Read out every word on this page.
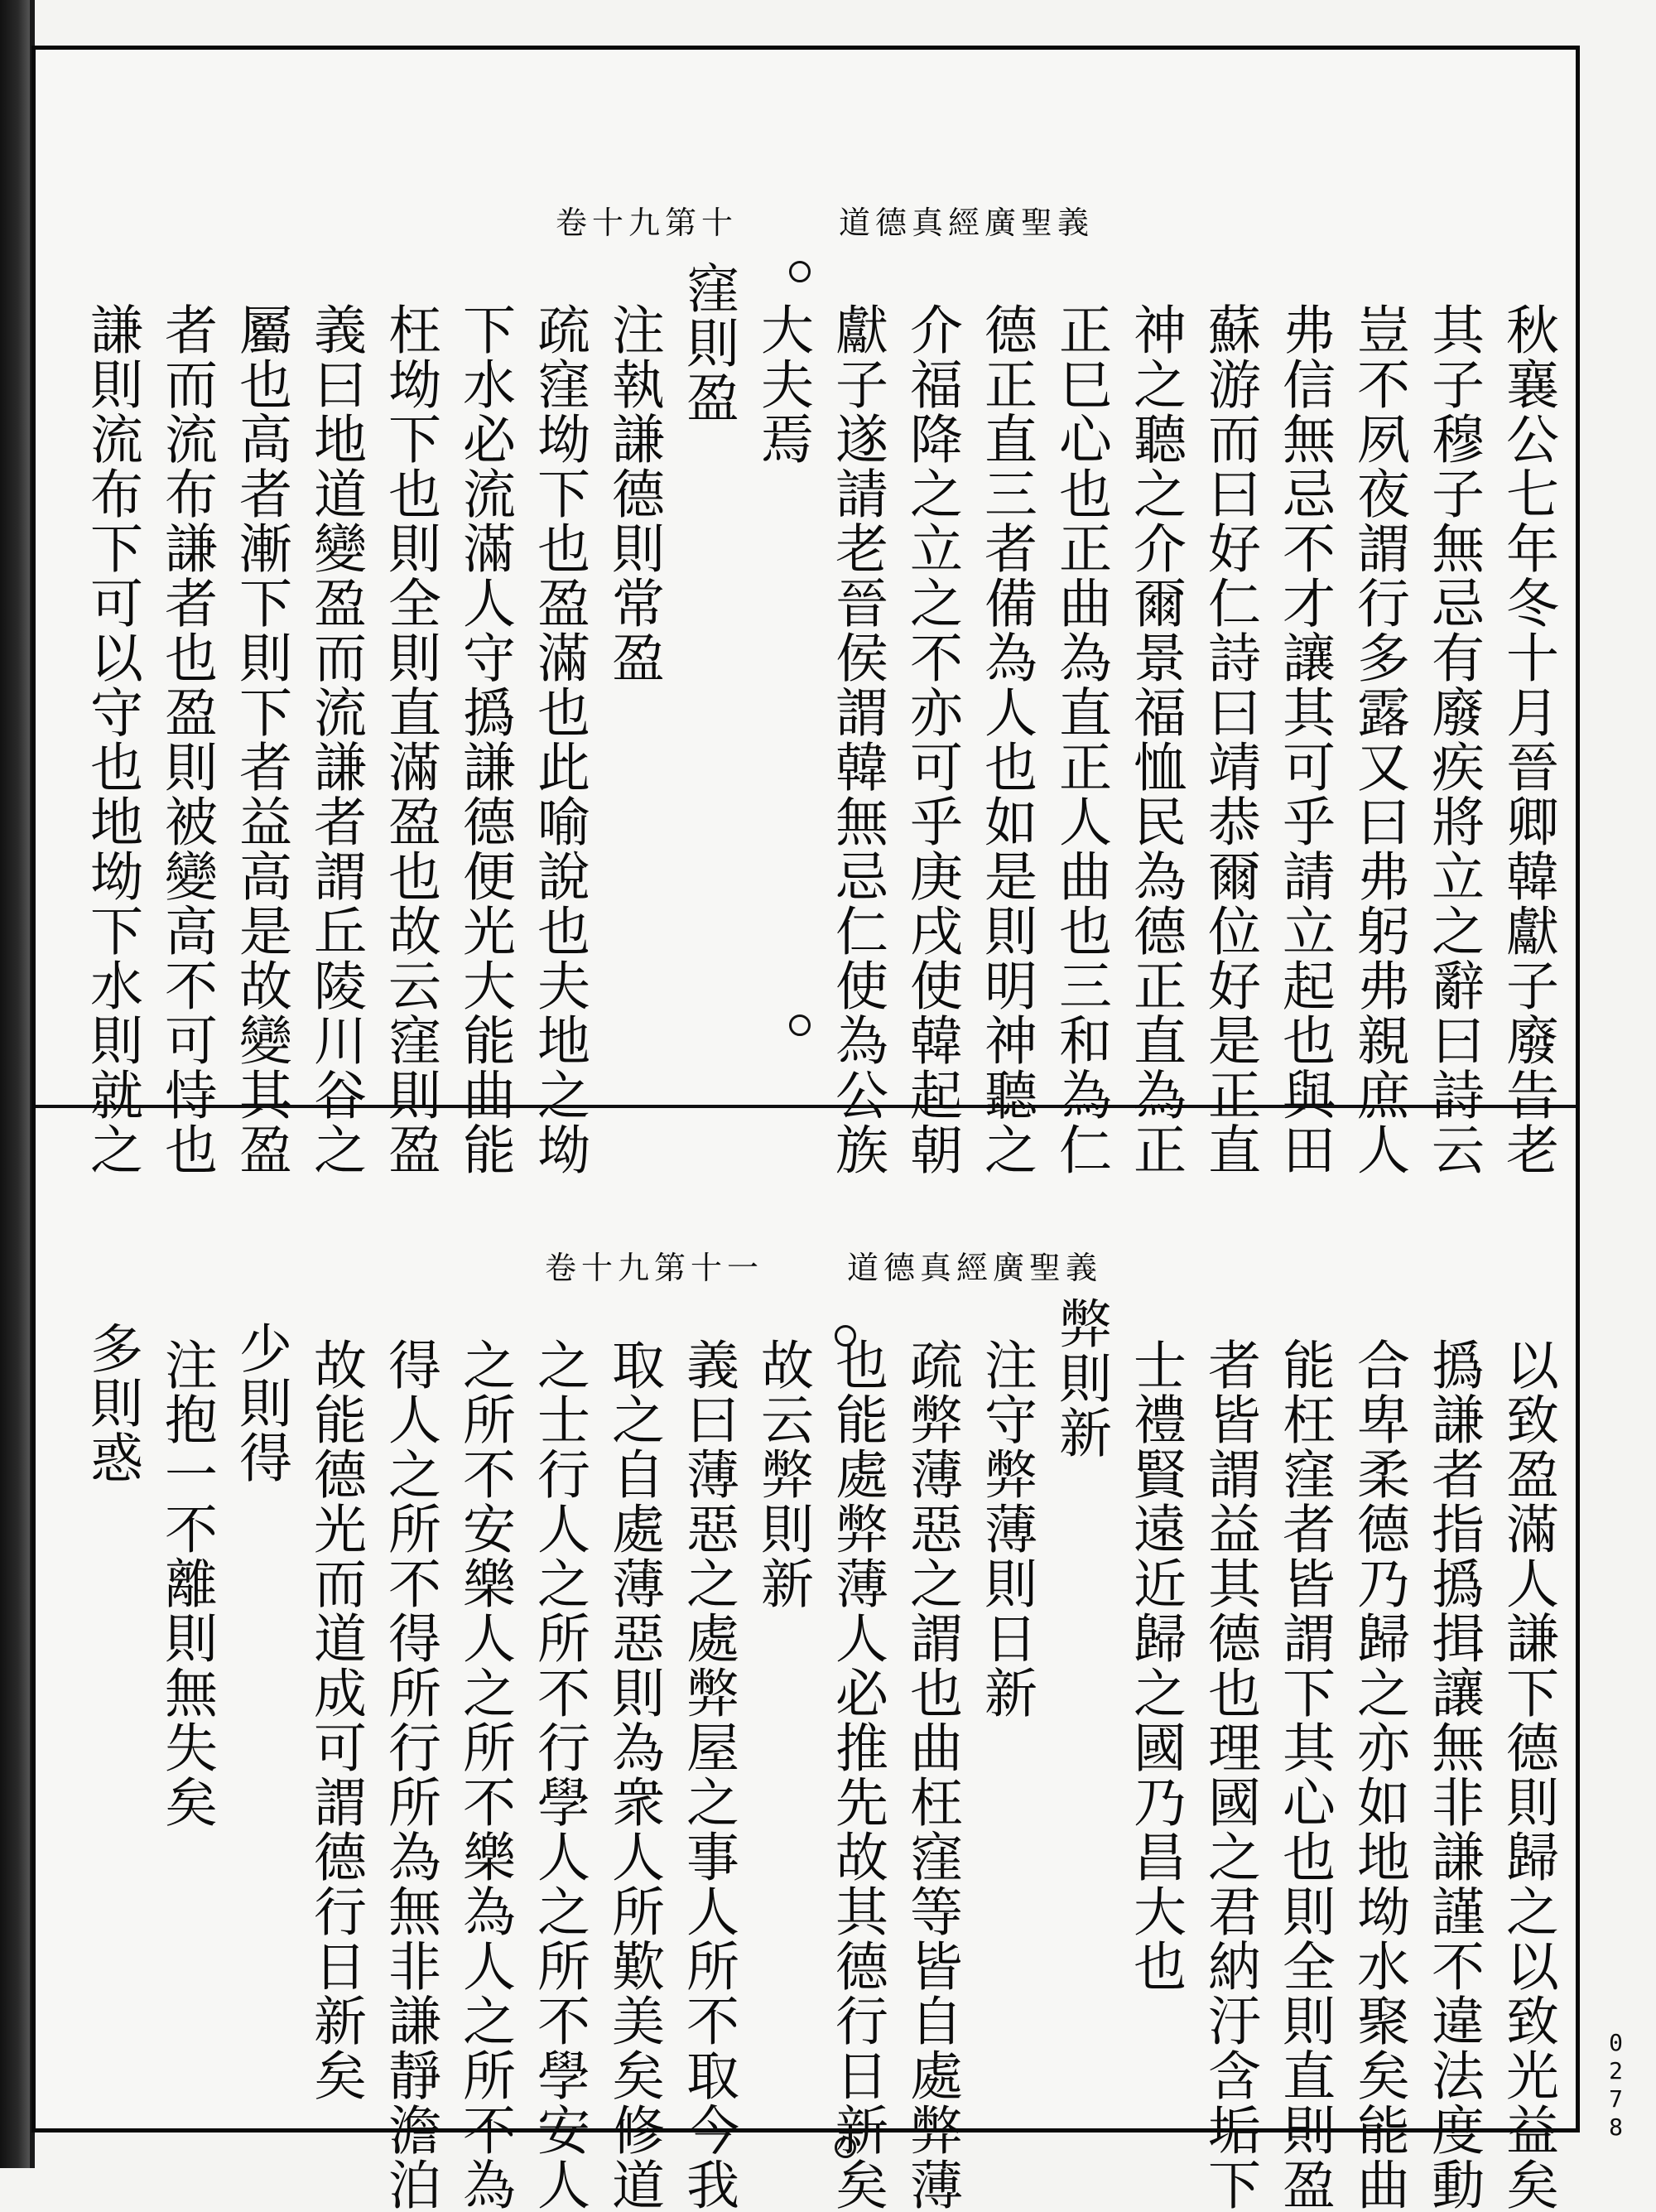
道德真經廣聖義
卷十九第十
秋襄公七年冬十月晉卿韓獻子廢告老
其子穆子無忌有廢疾將立之辭曰詩云
豈不夙夜謂行多露又曰弗躬弗親庶人
弗信無忌不才讓其可乎請立起也與田
蘇游而曰好仁詩曰靖恭爾位好是正直
神之聽之介爾景福恤民為德正直為正
正巳心也正曲為直正人曲也三和為仁
德正直三者備為人也如是則明神聽之
介福降之立之不亦可乎庚戌使韓起朝
獻子遂請老晉侯謂韓無忌仁使為公族
大夫焉
窪則盈
注執謙德則常盈
疏窪坳下也盈滿也此喻說也夫地之坳
下水必流滿人守撝謙德便光大能曲能
枉坳下也則全則直滿盈也故云窪則盈
義曰地道變盈而流謙者謂丘陵川谷之
屬也高者漸下則下者益高是故變其盈
者而流布謙者也盈則被變高不可恃也
謙則流布下可以守也地坳下水則就之
道德真經廣聖義
卷十九第十一
以致盈滿人謙下德則歸之以致光益矣
撝謙者指撝揖讓無非謙謹不違法度動
合卑柔德乃歸之亦如地坳水聚矣能曲
能枉窪者皆謂下其心也則全則直則盈
者皆謂益其德也理國之君納汙含垢下
士禮賢遠近歸之國乃昌大也
弊則新
注守弊薄則日新
疏弊薄惡之謂也曲枉窪等皆自處弊薄
也能處弊薄人必推先故其德行日新矣
故云弊則新
義曰薄惡之處弊屋之事人所不取今我
取之自處薄惡則為衆人所歎美矣修道
之士行人之所不行學人之所不學安人
之所不安樂人之所不樂為人之所不為
得人之所不得所行所為無非謙靜澹泊
故能德光而道成可謂德行日新矣
少則得
注抱一不離則無失矣
多則惑
0278
